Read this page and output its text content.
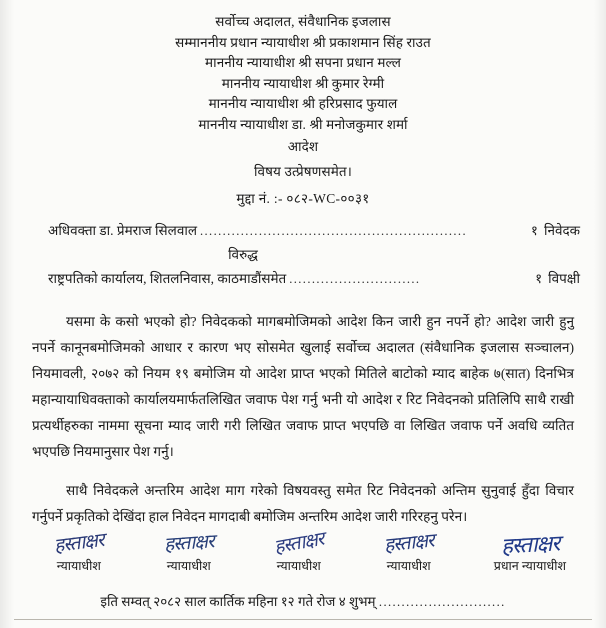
सर्वोच्च अदालत, संवैधानिक इजलास
सम्माननीय प्रधान न्यायाधीश श्री प्रकाशमान सिंह राउत
माननीय न्यायाधीश श्री सपना प्रधान मल्ल
माननीय न्यायाधीश श्री कुमार रेग्मी
माननीय न्यायाधीश श्री हरिप्रसाद फुयाल
माननीय न्यायाधीश डा. श्री मनोजकुमार शर्मा
आदेश
विषय उत्प्रेषणसमेत।
मुद्दा नं. :- ०८२-WC-००३१
अधिवक्ता डा. प्रेमराज सिलवाल ...........................................................	१ निवेदक
विरुद्ध
राष्ट्रपतिको कार्यालय, शितलनिवास, काठमाडौंसमेत .............................	१ विपक्षी

यसमा के कसो भएको हो? निवेदकको मागबमोजिमको आदेश किन जारी हुन नपर्ने हो? आदेश जारी हुनु नपर्ने कानूनबमोजिमको आधार र कारण भए सोसमेत खुलाई सर्वोच्च अदालत (संवैधानिक इजलास सञ्चालन) नियमावली, २०७२ को नियम १९ बमोजिम यो आदेश प्राप्त भएको मितिले बाटोको म्याद बाहेक ७(सात) दिनभित्र महान्यायाधिवक्ताको कार्यालयमार्फतलिखित जवाफ पेश गर्नु भनी यो आदेश र रिट निवेदनको प्रतिलिपि साथै राखी प्रत्यर्थीहरुका नाममा सूचना म्याद जारी गरी लिखित जवाफ प्राप्त भएपछि वा लिखित जवाफ पर्ने अवधि व्यतित भएपछि नियमानुसार पेश गर्नु।

साथै निवेदकले अन्तरिम आदेश माग गरेको विषयवस्तु समेत रिट निवेदनको अन्तिम सुनुवाई हुँदा विचार गर्नुपर्ने प्रकृतिको देखिंदा हाल निवेदन मागदाबी बमोजिम अन्तरिम आदेश जारी गरिरहनु परेन।

हस्ताक्षर
न्यायाधीश
हस्ताक्षर
न्यायाधीश
हस्ताक्षर
न्यायाधीश
हस्ताक्षर
न्यायाधीश
हस्ताक्षर
प्रधान न्यायाधीश
इति सम्वत् २०८२ साल कार्तिक महिना १२ गते रोज ४ शुभम् ............................
